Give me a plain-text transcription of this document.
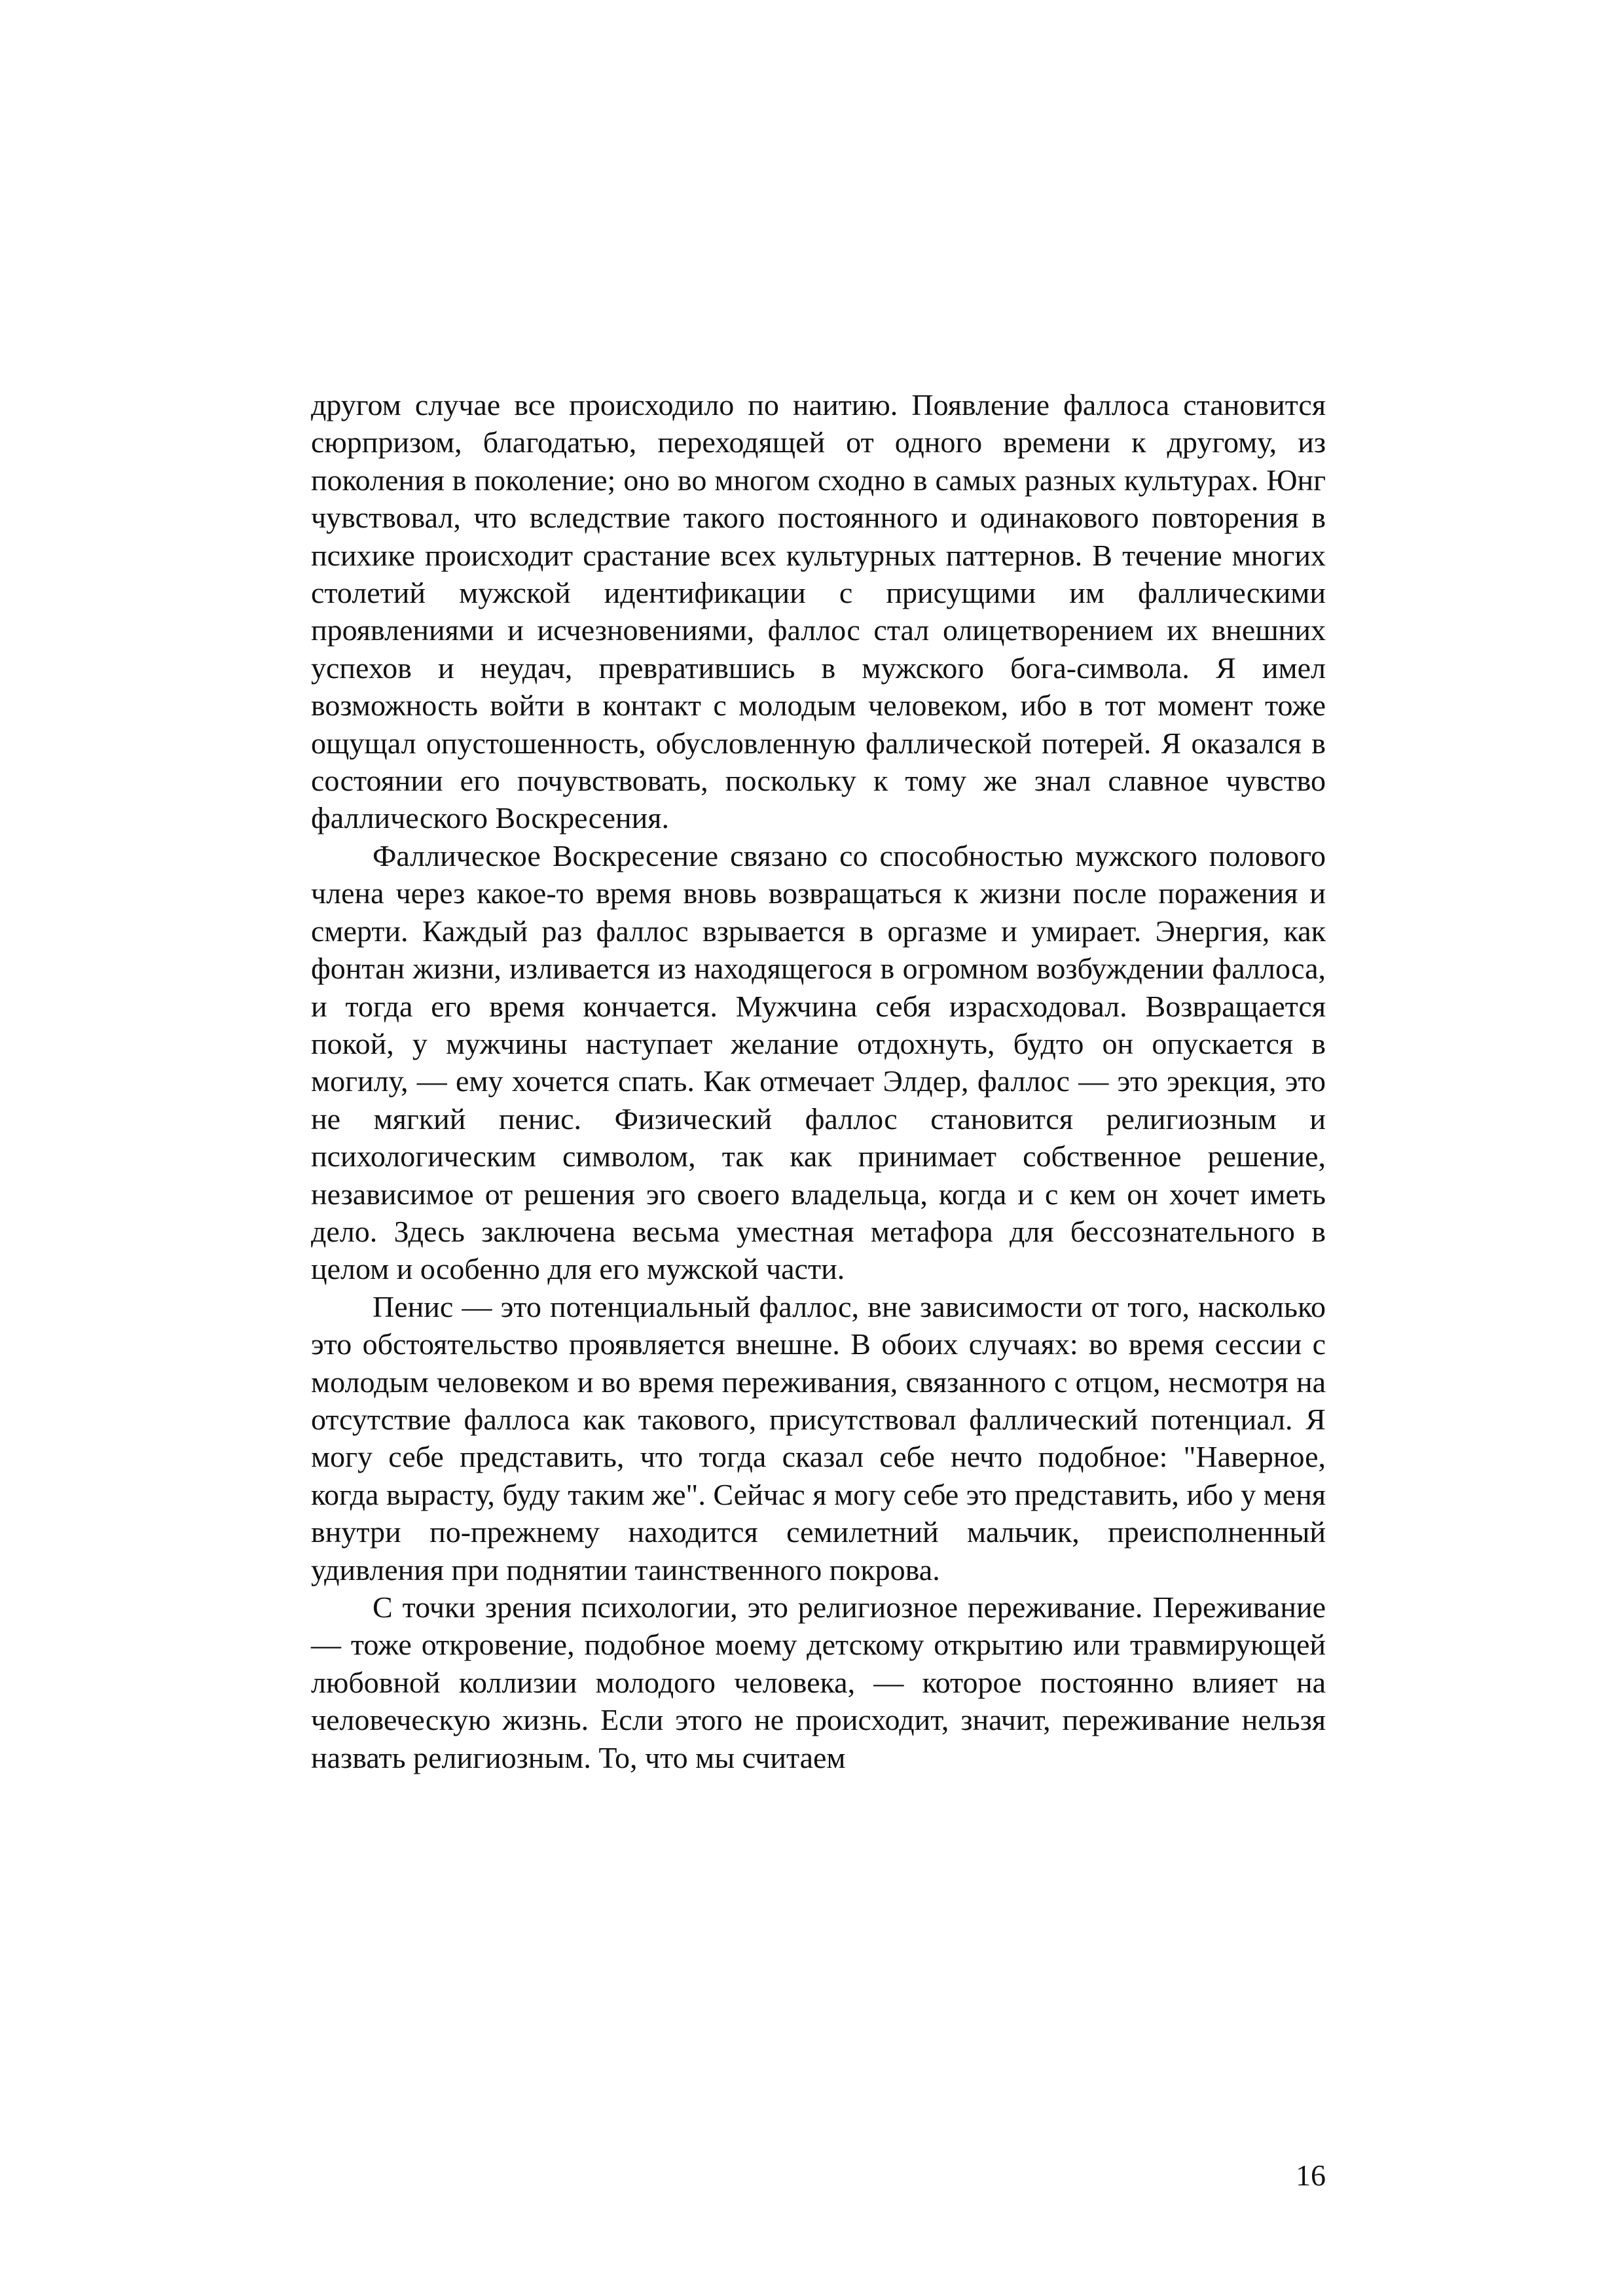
другом случае все происходило по наитию. Появление фаллоса становится сюрпризом, благодатью, переходящей от одного времени к другому, из поколения в поколение; оно во многом сходно в самых разных культурах. Юнг чувствовал, что вследствие такого постоянного и одинакового повторения в психике происходит срастание всех культурных паттернов. В течение многих столетий мужской идентификации с присущими им фаллическими проявлениями и исчезновениями, фаллос стал олицетворением их внешних успехов и неудач, превратившись в мужского бога-символа. Я имел возможность войти в контакт с молодым человеком, ибо в тот момент тоже ощущал опустошенность, обусловленную фаллической потерей. Я оказался в состоянии его почувствовать, поскольку к тому же знал славное чувство фаллического Воскресения.

Фаллическое Воскресение связано со способностью мужского полового члена через какое-то время вновь возвращаться к жизни после поражения и смерти. Каждый раз фаллос взрывается в оргазме и умирает. Энергия, как фонтан жизни, изливается из находящегося в огромном возбуждении фаллоса, и тогда его время кончается. Мужчина себя израсходовал. Возвращается покой, у мужчины наступает желание отдохнуть, будто он опускается в могилу, — ему хочется спать. Как отмечает Элдер, фаллос — это эрекция, это не мягкий пенис. Физический фаллос становится религиозным и психологическим символом, так как принимает собственное решение, независимое от решения эго своего владельца, когда и с кем он хочет иметь дело. Здесь заключена весьма уместная метафора для бессознательного в целом и особенно для его мужской части.

Пенис — это потенциальный фаллос, вне зависимости от того, насколько это обстоятельство проявляется внешне. В обоих случаях: во время сессии с молодым человеком и во время переживания, связанного с отцом, несмотря на отсутствие фаллоса как такового, присутствовал фаллический потенциал. Я могу себе представить, что тогда сказал себе нечто подобное: "Наверное, когда вырасту, буду таким же". Сейчас я могу себе это представить, ибо у меня внутри по-прежнему находится семилетний мальчик, преисполненный удивления при поднятии таинственного покрова.

С точки зрения психологии, это религиозное переживание. Переживание — тоже откровение, подобное моему детскому открытию или травмирующей любовной коллизии молодого человека, — которое постоянно влияет на человеческую жизнь. Если этого не происходит, значит, переживание нельзя назвать религиозным. То, что мы считаем

16
